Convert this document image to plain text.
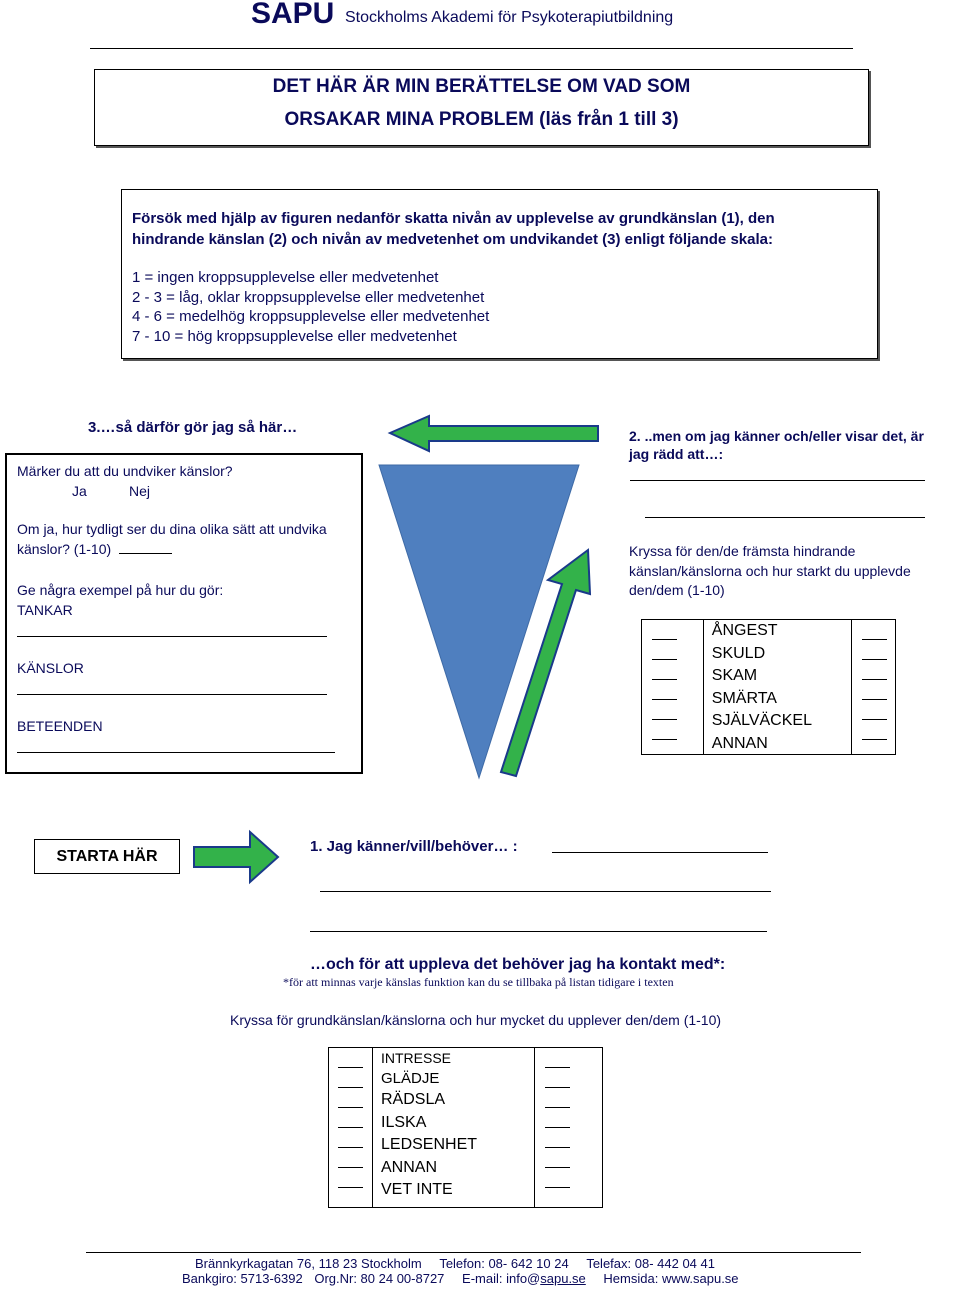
SAPU Stockholms Akademi för Psykoterapiutbildning
DET HÄR ÄR MIN BERÄTTELSE OM VAD SOM
ORSAKAR MINA PROBLEM (läs från 1 till 3)
Försök med hjälp av figuren nedanför skatta nivån av upplevelse av grundkänslan (1), den
hindrande känslan (2) och nivån av medvetenhet om undvikandet (3) enligt följande skala:
1 = ingen kroppsupplevelse eller medvetenhet
2 - 3 = låg, oklar kroppsupplevelse eller medvetenhet
4 - 6 = medelhög kroppsupplevelse eller medvetenhet
7 - 10 = hög kroppsupplevelse eller medvetenhet
3.…så därför gör jag så här…
Märker du att du undviker känslor?
Ja	Nej
Om ja, hur tydligt ser du dina olika sätt att undvika
känslor? (1-10)
Ge några exempel på hur du gör:
TANKAR
KÄNSLOR
BETEENDEN
2. ..men om jag känner och/eller visar det, är
jag rädd att…:
Kryssa för den/de främsta hindrande
känslan/känslorna och hur starkt du upplevde
den/dem (1-10)
ÅNGEST
SKULD
SKAM
SMÄRTA
SJÄLVÄCKEL
ANNAN
STARTA HÄR
1. Jag känner/vill/behöver… :
…och för att uppleva det behöver jag ha kontakt med*:
*för att minnas varje känslas funktion kan du se tillbaka på listan tidigare i texten
Kryssa för grundkänslan/känslorna och hur mycket du upplever den/dem (1-10)
INTRESSE
GLÄDJE
RÄDSLA
ILSKA
LEDSENHET
ANNAN
VET INTE
Brännkyrkagatan 76, 118 23 Stockholm Telefon: 08- 642 10 24 Telefax: 08- 442 04 41
Bankgiro: 5713-6392 Org.Nr: 80 24 00-8727 E-mail: info@sapu.se Hemsida: www.sapu.se
